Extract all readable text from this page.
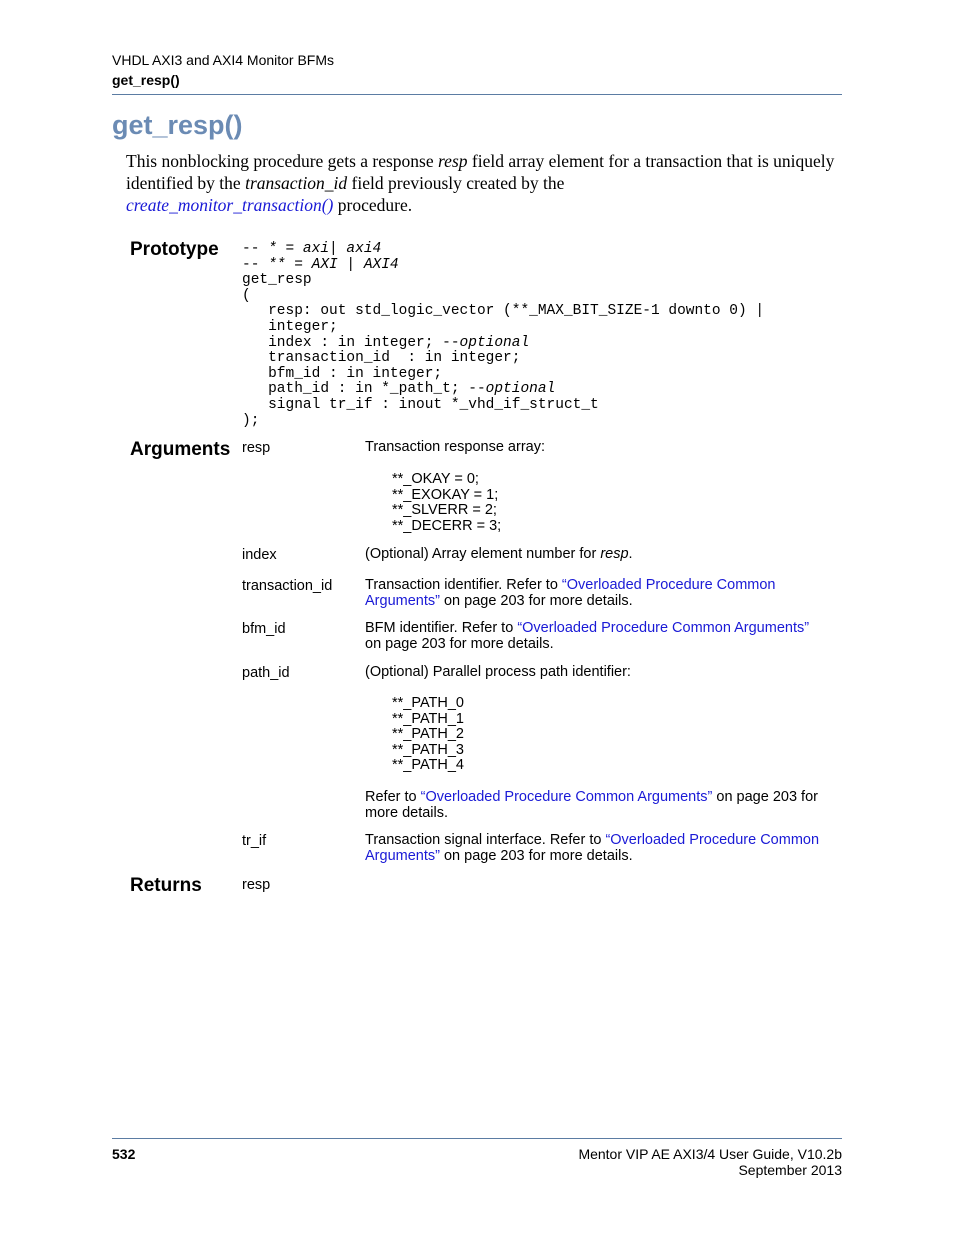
VHDL AXI3 and AXI4 Monitor BFMs
get_resp()
get_resp()
This nonblocking procedure gets a response resp field array element for a transaction that is uniquely identified by the transaction_id field previously created by the
create_monitor_transaction() procedure.
Prototype -- * = axi| axi4
-- ** = AXI | AXI4
get_resp
(
resp: out std_logic_vector (**_MAX_BIT_SIZE-1 downto 0) |
integer;
index : in integer; --optional
transaction_id  : in integer;
bfm_id : in integer;
path_id : in *_path_t; --optional
signal tr_if : inout *_vhd_if_struct_t
);
Arguments resp	Transaction response array:
**_OKAY = 0;
**_EXOKAY = 1;
**_SLVERR = 2;
**_DECERR = 3;
index	(Optional) Array element number for resp.
transaction_id Transaction identifier. Refer to “Overloaded Procedure Common Arguments” on page 203 for more details.
bfm_id	BFM identifier. Refer to “Overloaded Procedure Common Arguments”
on page 203 for more details.
path_id	(Optional) Parallel process path identifier:
**_PATH_0
**_PATH_1
**_PATH_2
**_PATH_3
**_PATH_4
Refer to “Overloaded Procedure Common Arguments” on page 203 for more details.
tr_if	Transaction signal interface. Refer to “Overloaded Procedure Common Arguments” on page 203 for more details.
Returns	resp
532	Mentor VIP AE AXI3/4 User Guide, V10.2b
September 2013
